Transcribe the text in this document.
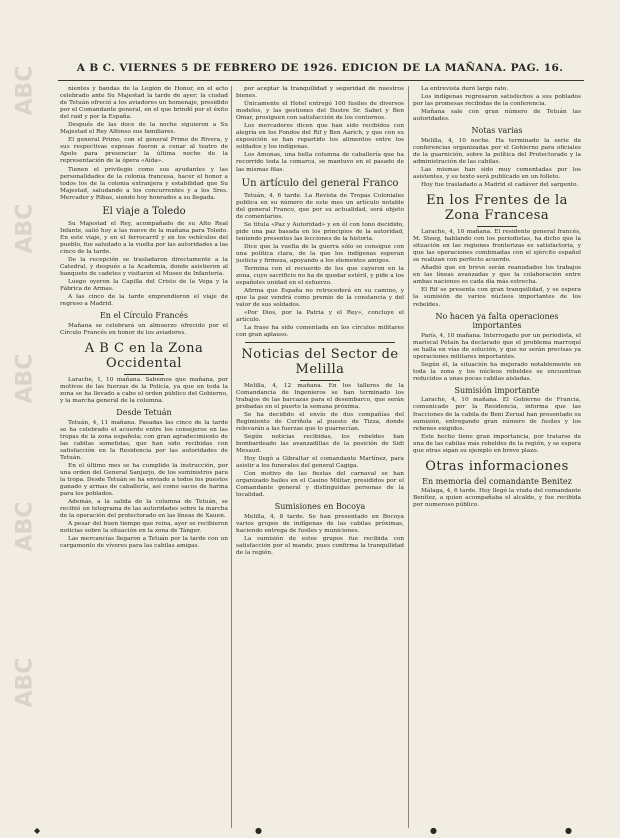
ABC
ABC
ABC
ABC
ABC
A B C. VIERNES 5 DE FEBRERO DE 1926. EDICION DE LA MAÑANA. PAG. 16.

nientes y bandas de la Legión de Honor, en el acto celebrado ante Su Majestad la tarde de ayer; la ciudad de Tetuán ofreció a los aviadores un homenaje, presidido por el Comandante general, en el que brindó por el éxito del raid y por la España.

Después de las doce de la noche siguieron a Su Majestad el Rey Alfonso sus familiares.

El general Primo, con el general Primo de Rivera, y sus respectivas esposas fueron a cenar al teatro de Apolo para presenciar la última noche de la representación de la ópera «Aída».

Tienen el privilegio como sus ayudantes y las personalidades de la colonia francesa, hacer el honor a todos los de la colonia extranjera y estabilidad que Su Majestad, saludando a los concurrentes y a los Sres. Mercader y Ribas, siendo hoy honrados a su llegada.

El viaje a Toledo

Su Majestad el Rey, acompañado de su Alto Real Infante, salió hoy a las nueve de la mañana para Toledo. En este viaje, y en el ferrocarril y en los vehículos del pueblo, fue saludado a la vuelta por las autoridades a las cinco de la tarde.

De la recepción se trasladaron directamente a la Catedral, y después a la Academia, donde asistieron al banquete de cadetes y visitaron el Museo de Infantería.

Luego oyeron la Capilla del Cristo de la Vega y la Fábrica de Armas.

A las cinco de la tarde emprendieron el viaje de regreso a Madrid.

En el Círculo Francés

Mañana se celebrará un almuerzo ofrecido por el Círculo Francés en honor de los aviadores.

A B C en la Zona Occidental

Larache, 1, 10 mañana. Sabemos que mañana, por motivos de las fuerzas de la Policía, ya que en toda la zona se ha llevado a cabo el orden público del Gobierno, y la marcha general de la columna.

Desde Tetuán

Tetuán, 4, 11 mañana. Pasadas las cinco de la tarde se ha celebrado el acuerdo entre los consejeros en las tropas de la zona española; con gran agradecimiento de las cabilas sometidas, que han sido recibidas con satisfacción en la Residencia por las autoridades de Tetuán.

En el último mes se ha cumplido la instrucción, por una orden del General Sanjurjo, de los suministros para la tropa. Desde Tetuán se ha enviado a todos los puestos ganado y armas de caballería, así como sacos de harina para los poblados.

Además, a la salida de la columna de Tetuán, se recibió un telegrama de las autoridades sobre la marcha de la operación del protectorado en las líneas de Xauen.

A pesar del buen tiempo que reina, ayer se recibieron noticias sobre la situación en la zona de Tánger.

Las mercancías llegaron a Tetuán por la tarde con un cargamento de víveres para las cabilas amigas.

por aceptar la tranquilidad y seguridad de nuestros bienes.

Únicamente el Hotel entregó 100 fusiles de diversos modelos, y las gestiones del Ilustre Sr. Sabet y Ben Omar, prosiguen con satisfacción de los contornos.

Los mercaderes dicen que han sido recibidos con alegría en los Fondos del Rif y Ben Aarich, y que con su exposición se han repartido los alimentos entre los soldados y los indígenas.

Los Amonas, una bella columna de caballería que ha recorrido toda la comarca, se mantuvo en el pasado de las mismas filas.

Un artículo del general Franco

Tetuán, 4, 6 tarde. La Revista de Tropas Coloniales publica en su número de este mes un artículo notable del general Franco, que por su actualidad, será objeto de comentarios.

Se titula «Paz y Autoridad» y en él con tono decidido, pide una paz basada en los principios de la autoridad, teniendo presentes las lecciones de la historia.

Dice que la vuelta de la guerra sólo se consigue con una política clara, de la que los indígenas esperan justicia y firmeza, apoyando a los elementos amigos.

Termina con el recuerdo de los que cayeron en la zona, cuyo sacrificio no ha de quedar estéril, y pide a los españoles unidad en el esfuerzo.

Afirma que España no retrocederá en su camino, y que la paz vendrá como premio de la constancia y del valor de sus soldados.

«Por Dios, por la Patria y el Rey», concluye el artículo.

La frase ha sido comentada en los círculos militares con gran aplauso.

Noticias del Sector de Melilla

Melilla, 4, 12 mañana. En los talleres de la Comandancia de Ingenieros se han terminado los trabajos de las barcazas para el desembarco, que serán probadas en el puerto la semana próxima.

Se ha decidido el envío de dos compañías del Regimiento de Ceriñola al puesto de Tizza, donde relevarán a las fuerzas que lo guarnecían.

Según noticias recibidas, los rebeldes han bombardeado las avanzadillas de la posición de Sidi Mesaud.

Hoy llegó a Gibraltar el comandante Martínez, para asistir a los funerales del general Cagiga.

Con motivo de las fiestas del carnaval se han organizado bailes en el Casino Militar, presididos por el Comandante general y distinguidas personas de la localidad.

Sumisiones en Bocoya

Melilla, 4, 8 tarde. Se han presentado en Bocoya varios grupos de indígenas de las cabilas próximas, haciendo entrega de fusiles y municiones.

La sumisión de estos grupos fue recibida con satisfacción por el mando, pues confirma la tranquilidad de la región.

La entrevista duró largo rato.

Los indígenas regresaron satisfechos a sus poblados por las promesas recibidas de la conferencia.

Mañana sale con gran número de Tetuán las autoridades.

Notas varias

Melilla, 4, 10 noche. Ha terminado la serie de conferencias organizadas por el Gobierno para oficiales de la guarnición, sobre la política del Protectorado y la administración de las cabilas.

Las mismas han sido muy comentadas por los asistentes, y su texto será publicado en un folleto.

Hoy fue trasladado a Madrid el cadáver del sargento.

En los Frentes de la Zona Francesa

Larache, 4, 10 mañana. El residente general francés, M. Steeg, hablando con los periodistas, ha dicho que la situación en las regiones fronterizas es satisfactoria, y que las operaciones combinadas con el ejército español se realizan con perfecto acuerdo.

Añadió que en breve serán reanudados los trabajos en las líneas avanzadas y que la colaboración entre ambas naciones es cada día más estrecha.

El Rif se presenta con gran tranquilidad, y se espera la sumisión de varios núcleos importantes de los rebeldes.

No hacen ya falta operaciones importantes

París, 4, 10 mañana. Interrogado por un periodista, el mariscal Petain ha declarado que el problema marroquí se halla en vías de solución, y que no serán precisas ya operaciones militares importantes.

Según él, la situación ha mejorado notablemente en toda la zona y los núcleos rebeldes se encuentran reducidos a unas pocas cabilas aisladas.

Sumisión importante

Larache, 4, 10 mañana. El Gobierno de Francia, comunicado por la Residencia, informa que las fracciones de la cabila de Beni Zerual han presentado su sumisión, entregando gran número de fusiles y los rehenes exigidos.

Este hecho tiene gran importancia, por tratarse de una de las cabilas más rebeldes de la región, y se espera que otras sigan su ejemplo en breve plazo.

Otras informaciones
En memoria del comandante Benitez

Málaga, 4, 6 tarde. Hoy llegó la viuda del comandante Benítez, a quien acompañaba el alcalde, y fue recibida por numeroso público.

◆	●	●	●
